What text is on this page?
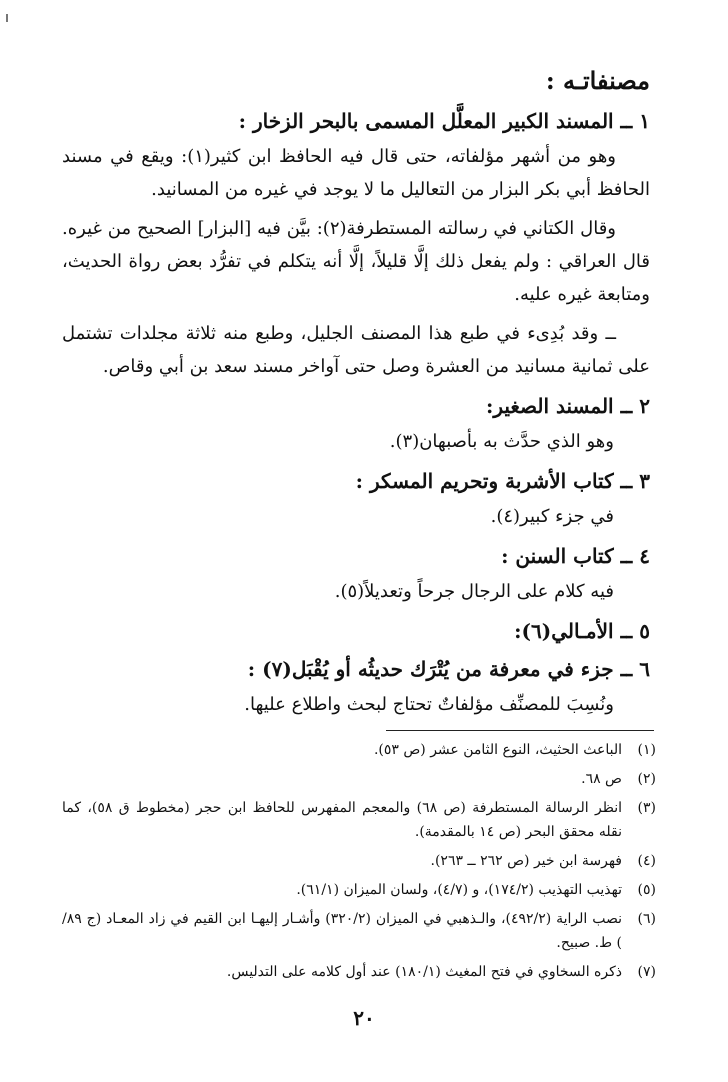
مصنفاتـه :
١ ــ المسند الكبير المعلَّل المسمى بالبحر الزخار :

وهو من أشهر مؤلفاته، حتى قال فيه الحافظ ابن كثير(١): ويقع في مسند الحافظ أبي بكر البزار من التعاليل ما لا يوجد في غيره من المسانيد.

وقال الكتاني في رسالته المستطرفة(٢): بيَّن فيه [البزار] الصحيح من غيره. قال العراقي : ولم يفعل ذلك إلَّا قليلاً، إلَّا أنه يتكلم في تفرُّد بعض رواة الحديث، ومتابعة غيره عليه.

ــ وقد بُدِىء في طبع هذا المصنف الجليل، وطبع منه ثلاثة مجلدات تشتمل على ثمانية مسانيد من العشرة وصل حتى آواخر مسند سعد بن أبي وقاص.

٢ ــ المسند الصغير:

وهو الذي حدَّث به بأصبهان(٣).

٣ ــ كتاب الأشربة وتحريم المسكر :

في جزء كبير(٤).

٤ ــ كتاب السنن :

فيه كلام على الرجال جرحاً وتعديلاً(٥).

٥ ــ الأمـالي(٦):
٦ ــ جزء في معرفة من يُتْرَك حديثُه أو يُقْبَل(٧) :

ونُسِبَ للمصنِّف مؤلفاتٌ تحتاج لبحث واطلاع عليها.

(١)
الباعث الحثيث، النوع الثامن عشر (ص ٥٣).
(٢)
ص ٦٨.
(٣)
انظر الرسالة المستطرفة (ص ٦٨) والمعجم المفهرس للحافظ ابن حجر (مخطوط ق ٥٨)، كما نقله محقق البحر (ص ١٤ بالمقدمة).
(٤)
فهرسة ابن خير (ص ٢٦٢ ــ ٢٦٣).
(٥)
تهذيب التهذيب (١٧٤/٢)، و (٤/٧)، ولسان الميزان (٦١/١).
(٦)
نصب الراية (٤٩٢/٢)، والـذهبي في الميزان (٣٢٠/٢) وأشـار إليهـا ابن القيم في زاد المعـاد (ج ٨٩/ ) ط. صبيح.
(٧)
ذكره السخاوي في فتح المغيث (١٨٠/١) عند أول كلامه على التدليس.
٢٠
